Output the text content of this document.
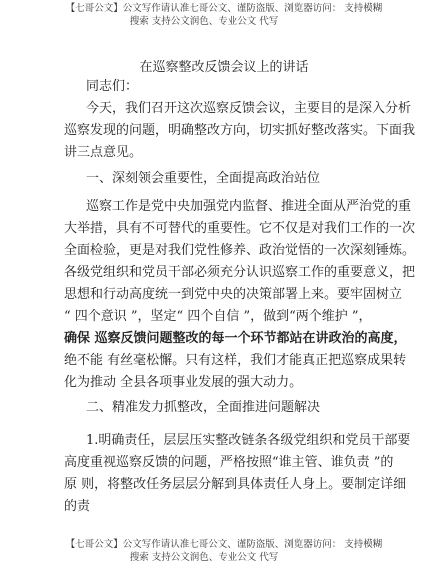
【七哥公文】公文写作请认准七哥公文、谨防盗版、浏览器访问： 支持模糊
搜索 支持公文润色、专业公文 代写
在巡察整改反馈会议上的讲话
同志们：
今天，我们召开这次巡察反馈会议，主要目的是深入分析
巡察发现的问题，明确整改方向，切实抓好整改落实。下面我
讲三点意见。
一、深刻领会重要性，全面提高政治站位
巡察工作是党中央加强党内监督、推进全面从严治党的重
大举措，具有不可替代的重要性。它不仅是对我们工作的一次
全面检验，更是对我们党性修养、政治觉悟的一次深刻锤炼。
各级党组织和党员干部必须充分认识巡察工作的重要意义，把
思想和行动高度统一到党中央的决策部署上来。要牢固树立
“ 四个意识 ”，坚定“ 四个自信 ”，做到“两个维护 ”，
确保 巡察反馈问题整改的每一个环节都站在讲政治的高度，
绝不能 有丝毫松懈。只有这样，我们才能真正把巡察成果转
化为推动 全县各项事业发展的强大动力。
二、精准发力抓整改，全面推进问题解决
1.明确责任，层层压实整改链条各级党组织和党员干部要
高度重视巡察反馈的问题，严格按照“谁主管、谁负责 ”的
原 则，将整改任务层层分解到具体责任人身上。要制定详细
的责
【七哥公文】公文写作请认准七哥公文、谨防盗版、浏览器访问： 支持模糊
搜索 支持公文润色、专业公文 代写
